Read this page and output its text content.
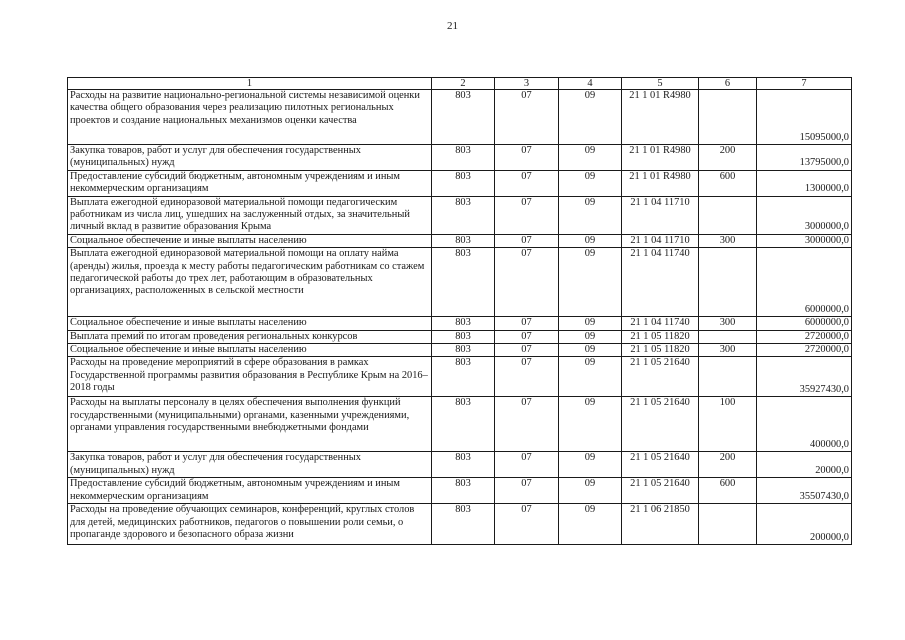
21
1	2	3	4	5	6	7
Расходы на развитие национально-региональной системы независимой оценки качества общего образования через реализацию пилотных региональных проектов и создание национальных механизмов оценки качества	803	07	09	21 1 01 R4980		15095000,0
Закупка товаров, работ и услуг для обеспечения государственных (муниципальных) нужд	803	07	09	21 1 01 R4980	200	13795000,0
Предоставление субсидий бюджетным, автономным учреждениям и иным некоммерческим организациям	803	07	09	21 1 01 R4980	600	1300000,0
Выплата ежегодной единоразовой материальной помощи педагогическим работникам из числа лиц, ушедших на заслуженный отдых, за значительный личный вклад в развитие образования Крыма	803	07	09	21 1 04 11710		3000000,0
Социальное обеспечение и иные выплаты населению	803	07	09	21 1 04 11710	300	3000000,0
Выплата ежегодной единоразовой материальной помощи на оплату найма (аренды) жилья, проезда к месту работы педагогическим работникам со стажем педагогической работы до трех лет, работающим в образовательных организациях, расположенных в сельской местности	803	07	09	21 1 04 11740		6000000,0
Социальное обеспечение и иные выплаты населению	803	07	09	21 1 04 11740	300	6000000,0
Выплата премий по итогам проведения региональных конкурсов	803	07	09	21 1 05 11820		2720000,0
Социальное обеспечение и иные выплаты населению	803	07	09	21 1 05 11820	300	2720000,0
Расходы на проведение мероприятий в сфере образования в рамках Государственной программы развития образования в Республике Крым на 2016–2018 годы	803	07	09	21 1 05 21640		35927430,0
Расходы на выплаты персоналу в целях обеспечения выполнения функций государственными (муниципальными) органами, казенными учреждениями, органами управления государственными внебюджетными фондами	803	07	09	21 1 05 21640	100	400000,0
Закупка товаров, работ и услуг для обеспечения государственных (муниципальных) нужд	803	07	09	21 1 05 21640	200	20000,0
Предоставление субсидий бюджетным, автономным учреждениям и иным некоммерческим организациям	803	07	09	21 1 05 21640	600	35507430,0
Расходы на проведение обучающих семинаров, конференций, круглых столов для детей, медицинских работников, педагогов о повышении роли семьи, о пропаганде здорового и безопасного образа жизни	803	07	09	21 1 06 21850		200000,0
